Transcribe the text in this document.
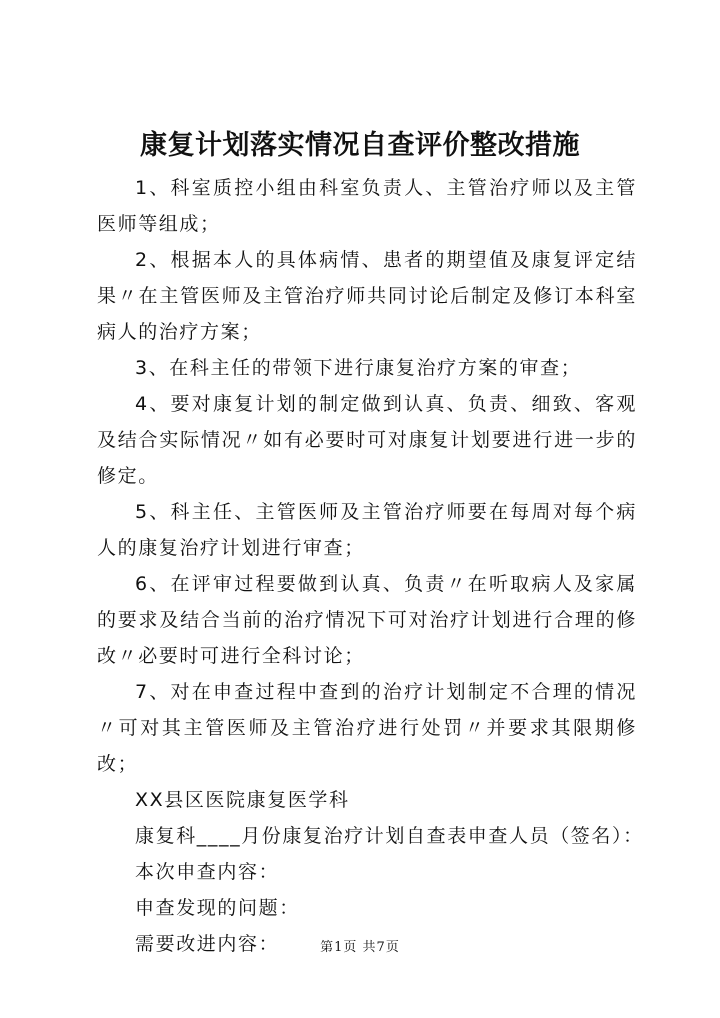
康复计划落实情况自查评价整改措施

1、科室质控小组由科室负责人、主管治疗师以及主管医师等组成；

2、根据本人的具体病情、患者的期望值及康复评定结果〃在主管医师及主管治疗师共同讨论后制定及修订本科室病人的治疗方案；

3、在科主任的带领下进行康复治疗方案的审查；

4、要对康复计划的制定做到认真、负责、细致、客观及结合实际情况〃如有必要时可对康复计划要进行进一步的修定。

5、科主任、主管医师及主管治疗师要在每周对每个病人的康复治疗计划进行审查；

6、在评审过程要做到认真、负责〃在听取病人及家属的要求及结合当前的治疗情况下可对治疗计划进行合理的修改〃必要时可进行全科讨论；

7、对在申查过程中查到的治疗计划制定不合理的情况〃可对其主管医师及主管治疗进行处罚〃并要求其限期修改；

XX县区医院康复医学科

康复科____月份康复治疗计划自查表申查人员（签名）：

本次申查内容：

申查发现的问题：

需要改进内容：	第1页 共7页
